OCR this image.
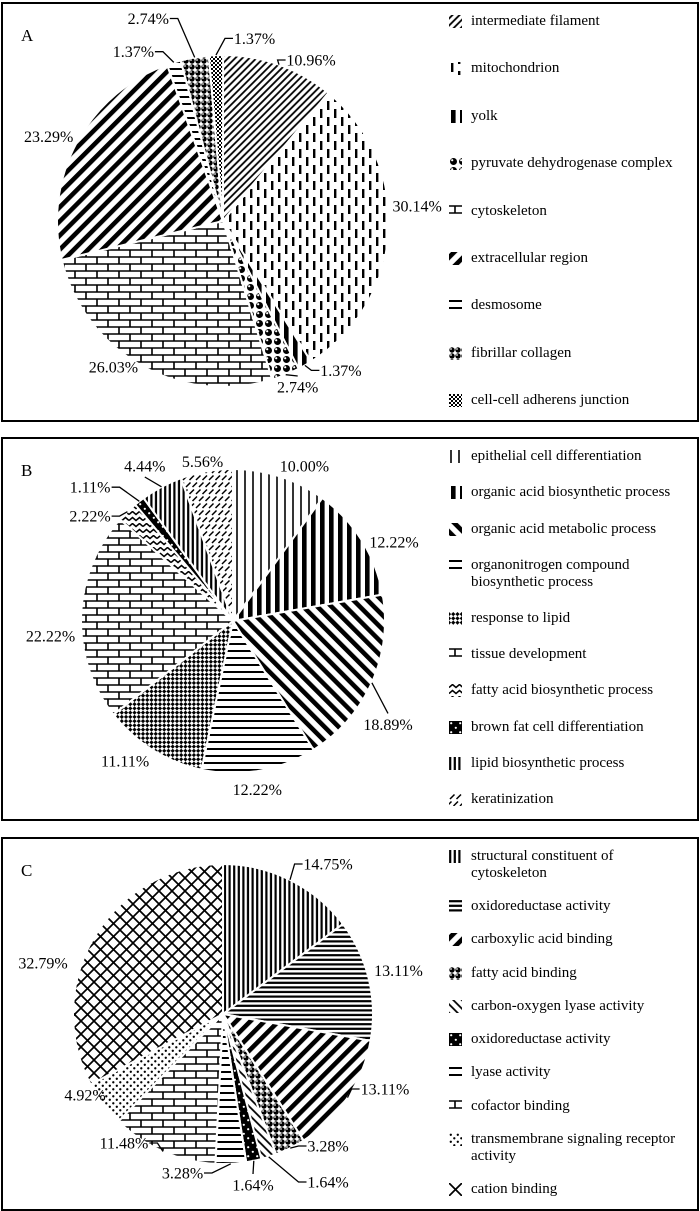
10.96%
30.14%
1.37%
2.74%
26.03%
23.29%
1.37%
2.74%
1.37%
A
intermediate filament
mitochondrion
yolk
pyruvate dehydrogenase complex
cytoskeleton
extracellular region
desmosome
fibrillar collagen
cell-cell adherens junction
10.00%
12.22%
18.89%
12.22%
11.11%
22.22%
2.22%
1.11%
4.44% 5.56%
B
epithelial cell differentiation
organic acid biosynthetic process
organic acid metabolic process
organonitrogen compound biosynthetic process
response to lipid
tissue development
fatty acid biosynthetic process
brown fat cell differentiation
lipid biosynthetic process
keratinization
14.75%
13.11%
13.11%
3.28%
1.64%
1.64%
3.28%
11.48%
4.92%
32.79%
C
structural constituent of cytoskeleton
oxidoreductase activity
carboxylic acid binding
fatty acid binding
carbon-oxygen lyase activity
oxidoreductase activity
lyase activity
cofactor binding
transmembrane signaling receptor activity
cation binding
